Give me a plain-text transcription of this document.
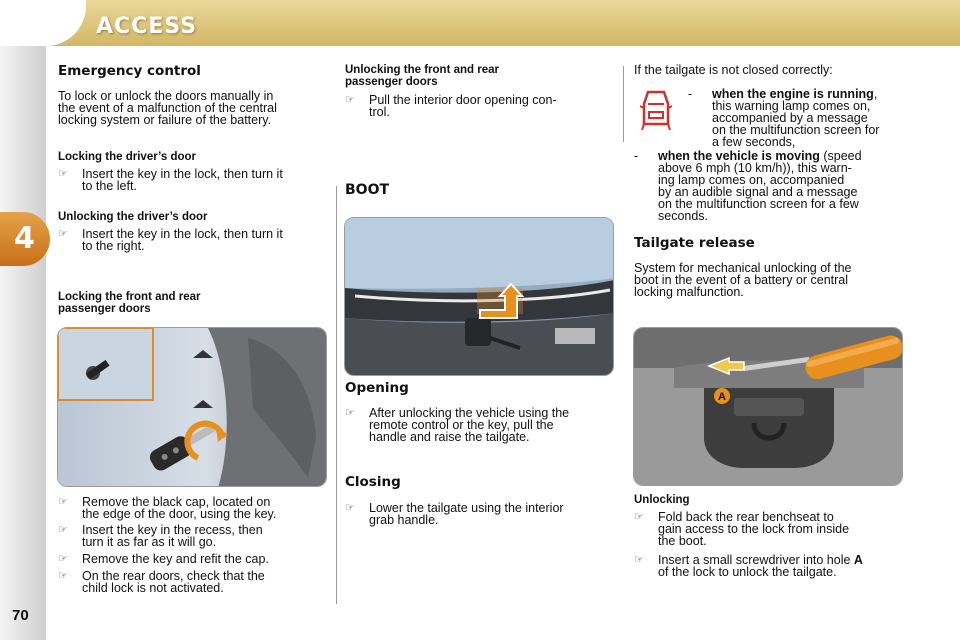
ACCESS
4
70
Emergency control
To lock or unlock the doors manually in
the event of a malfunction of the central
locking system or failure of the battery.
Locking the driver’s door
☞ Insert the key in the lock, then turn it
to the left.
Unlocking the driver’s door
☞ Insert the key in the lock, then turn it
to the right.
Locking the front and rear
passenger doors
☞ Remove the black cap, located on
the edge of the door, using the key.
☞ Insert the key in the recess, then
turn it as far as it will go.
☞ Remove the key and refit the cap.
☞ On the rear doors, check that the
child lock is not activated.
Unlocking the front and rear
passenger doors
☞ Pull the interior door opening con-
trol.
BOOT
Opening
☞ After unlocking the vehicle using the
remote control or the key, pull the
handle and raise the tailgate.
Closing
☞ Lower the tailgate using the interior
grab handle.
If the tailgate is not closed correctly:
- when the engine is running,
this warning lamp comes on,
accompanied by a message
on the multifunction screen for
a few seconds,
- when the vehicle is moving (speed
above 6 mph (10 km/h)), this warn-
ing lamp comes on, accompanied
by an audible signal and a message
on the multifunction screen for a few
seconds.
Tailgate release
System for mechanical unlocking of the
boot in the event of a battery or central
locking malfunction.
A
Unlocking
☞ Fold back the rear benchseat to
gain access to the lock from inside
the boot.
☞ Insert a small screwdriver into hole A
of the lock to unlock the tailgate.
